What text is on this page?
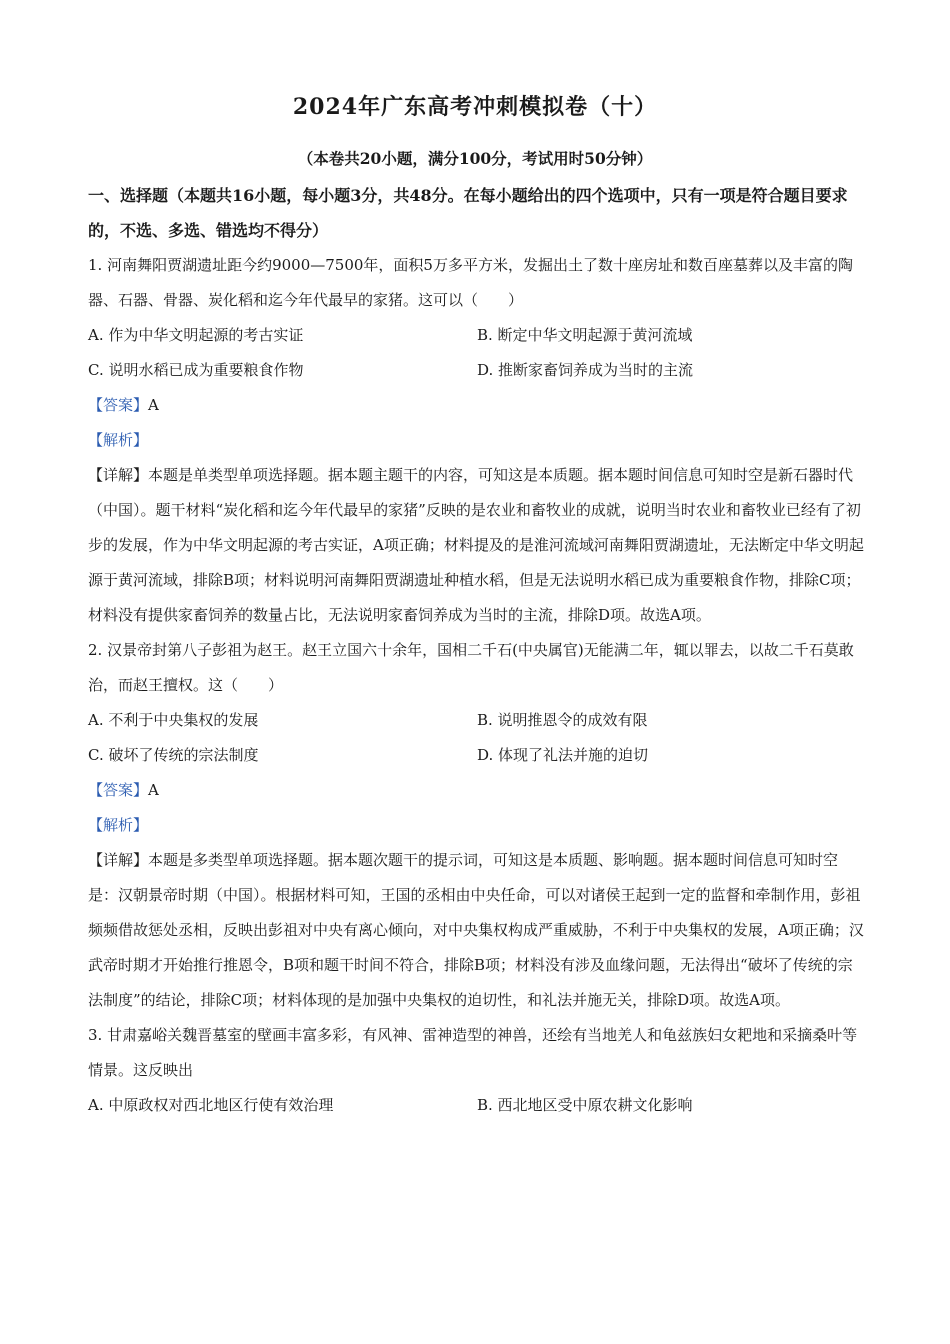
2024年广东高考冲刺模拟卷（十）
（本卷共20小题，满分100分，考试用时50分钟）

一、选择题（本题共16小题，每小题3分，共48分。在每小题给出的四个选项中，只有一项是符合题目要求的，不选、多选、错选均不得分）

1. 河南舞阳贾湖遗址距今约9000—7500年，面积5万多平方米，发掘出土了数十座房址和数百座墓葬以及丰富的陶器、石器、骨器、炭化稻和迄今年代最早的家猪。这可以（　　）

A. 作为中华文明起源的考古实证	B. 断定中华文明起源于黄河流域
C. 说明水稻已成为重要粮食作物	D. 推断家畜饲养成为当时的主流

【答案】A

【解析】

【详解】本题是单类型单项选择题。据本题主题干的内容，可知这是本质题。据本题时间信息可知时空是新石器时代（中国）。题干材料“炭化稻和迄今年代最早的家猪”反映的是农业和畜牧业的成就，说明当时农业和畜牧业已经有了初步的发展，作为中华文明起源的考古实证，A项正确；材料提及的是淮河流域河南舞阳贾湖遗址，无法断定中华文明起源于黄河流域，排除B项；材料说明河南舞阳贾湖遗址种植水稻，但是无法说明水稻已成为重要粮食作物，排除C项；材料没有提供家畜饲养的数量占比，无法说明家畜饲养成为当时的主流，排除D项。故选A项。

2. 汉景帝封第八子彭祖为赵王。赵王立国六十余年，国相二千石(中央属官)无能满二年，辄以罪去，以故二千石莫敢治，而赵王擅权。这（　　）

A. 不利于中央集权的发展	B. 说明推恩令的成效有限
C. 破坏了传统的宗法制度	D. 体现了礼法并施的迫切

【答案】A

【解析】

【详解】本题是多类型单项选择题。据本题次题干的提示词，可知这是本质题、影响题。据本题时间信息可知时空是：汉朝景帝时期（中国）。根据材料可知，王国的丞相由中央任命，可以对诸侯王起到一定的监督和牵制作用，彭祖频频借故惩处丞相，反映出彭祖对中央有离心倾向，对中央集权构成严重威胁，不利于中央集权的发展，A项正确；汉武帝时期才开始推行推恩令，B项和题干时间不符合，排除B项；材料没有涉及血缘问题，无法得出“破坏了传统的宗法制度”的结论，排除C项；材料体现的是加强中央集权的迫切性，和礼法并施无关，排除D项。故选A项。

3. 甘肃嘉峪关魏晋墓室的壁画丰富多彩，有风神、雷神造型的神兽，还绘有当地羌人和龟兹族妇女耙地和采摘桑叶等情景。这反映出

A. 中原政权对西北地区行使有效治理	B. 西北地区受中原农耕文化影响
